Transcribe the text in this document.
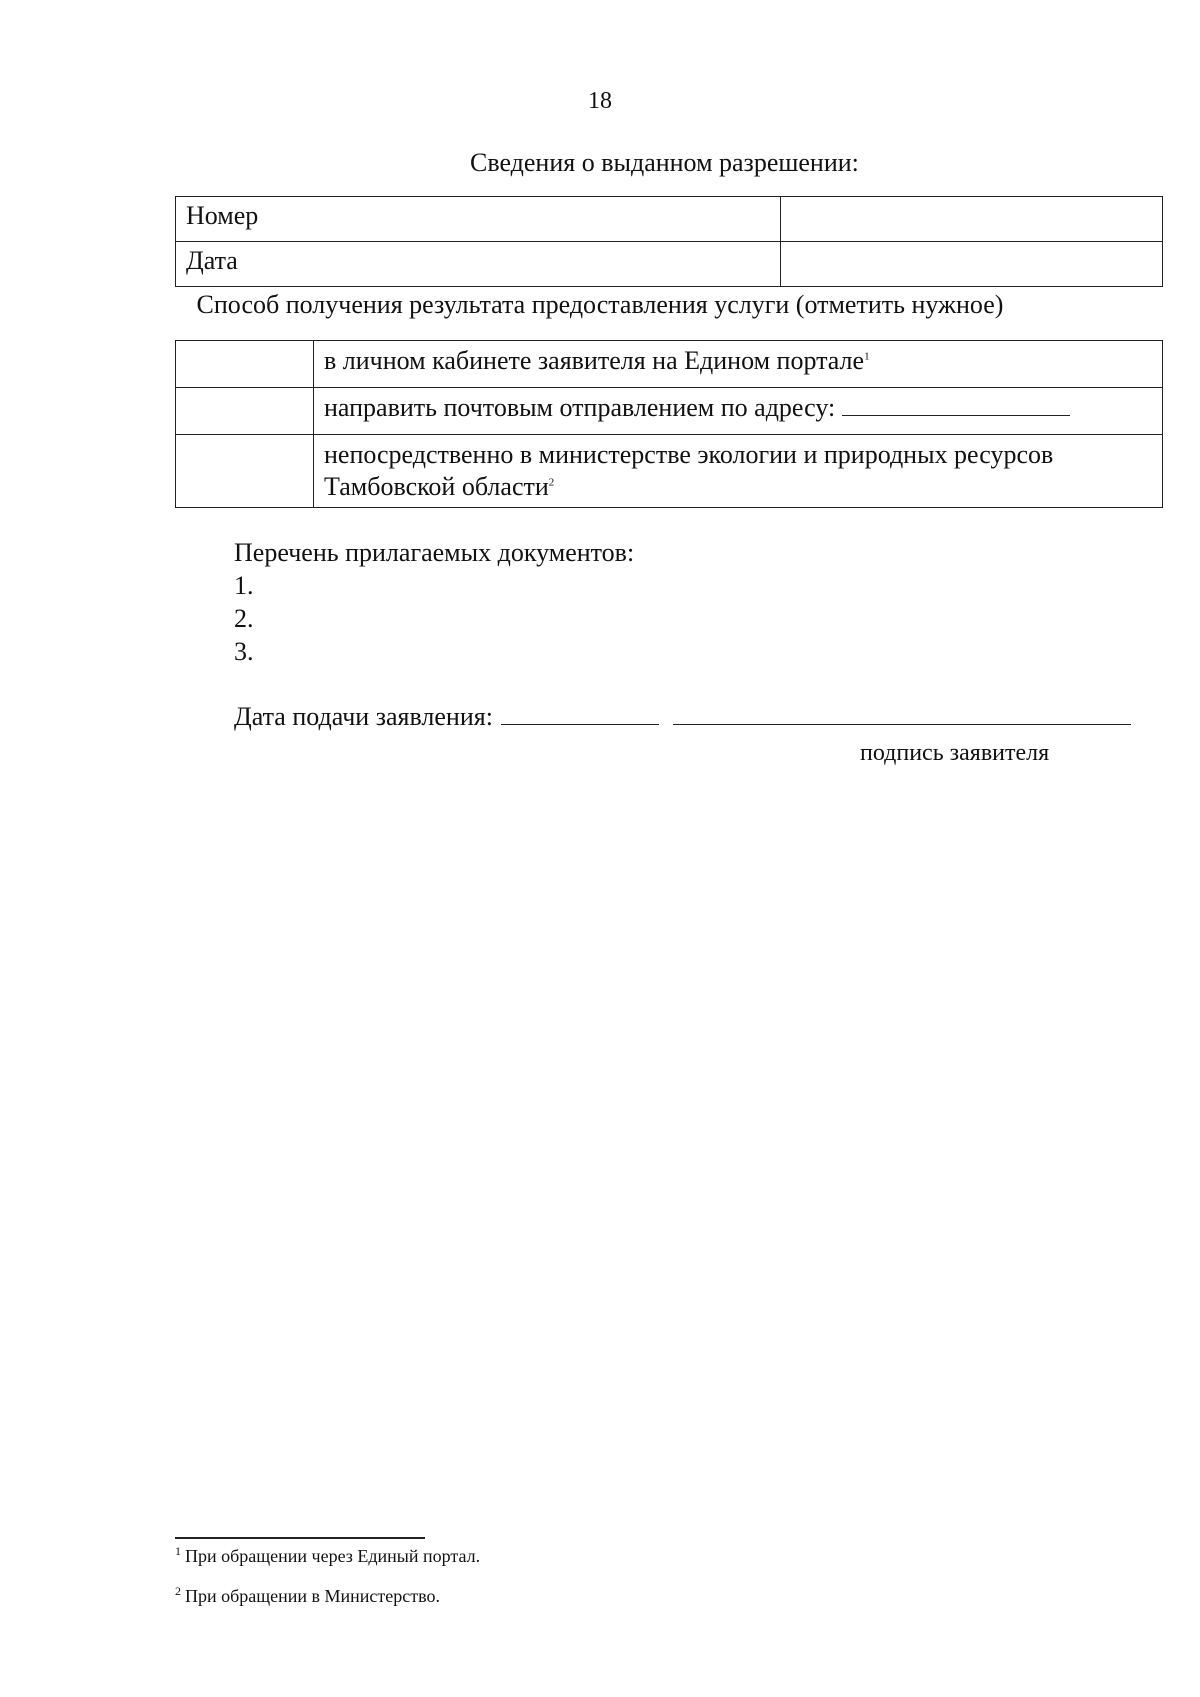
18
Сведения о выданном разрешении:
Номер	
Дата	
Способ получения результата предоставления услуги (отметить нужное)
	в личном кабинете заявителя на Едином портале$^1$
	направить почтовым отправлением по адресу:
	непосредственно в министерстве экологии и природных ресурсов Тамбовской области$^2$
Перечень прилагаемых документов:
1.
2.
3.
Дата подачи заявления:
подпись заявителя
$^1$ При обращении через Единый портал.
$^2$ При обращении в Министерство.
